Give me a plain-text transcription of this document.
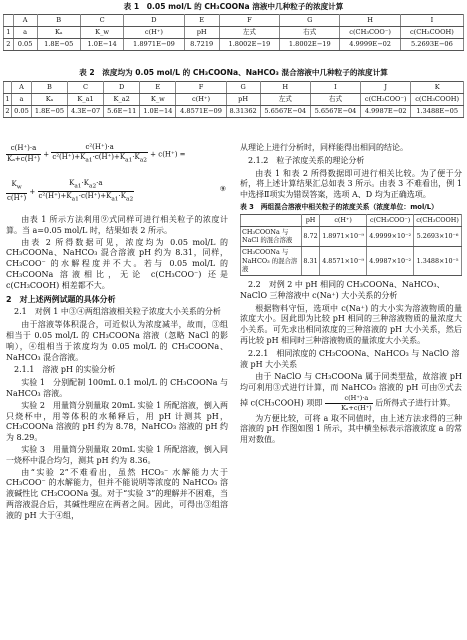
表 1　0.05 mol/L 的 CH₃COONa 溶液中几种粒子的浓度计算
	A	B	C	D	E	F	G	H	I
1	a	Kₐ	K_w	c(H⁺)	pH	左式	右式	c(CH₃COO⁻)	c(CH₃COOH)
2	0.05	1.8E−05	1.0E−14	1.8971E−09	8.7219	1.8002E−19	1.8002E−19	4.9999E−02	5.2693E−06
表 2　浓度均为 0.05 mol/L 的 CH₃COONa、NaHCO₃ 混合溶液中几种粒子的浓度计算
	A	B	C	D	E	F	G	H	I	J	K
1	a	Kₐ	K_a1	K_a2	K_w	c(H⁺)	pH	左式	右式	c(CH₃COO⁻)	c(CH₃COOH)
2	0.05	1.8E−05	4.3E−07	5.6E−11	1.0E−14	4.8571E−09	8.31362	5.6567E−04	5.6567E−04	4.9987E−02	1.3488E−05
$\frac{c(H^+)\cdot a}{\text{Kₐ+c(H⁺)}} + \frac{\text{c²(H⁺)·a}}{c^2(H^+)+K_{a1}\cdot c(H^+)+K_{a1}\cdot K_{a2}} + c(H^+)$ =
$\frac{K_w}{c(H^+)} + \frac{K_{a1}\cdot K_{a2}\cdot a}{c^2(H^+)+K_{a1}\cdot c(H^+)+K_{a1}\cdot K_{a2}}$	⑨

由表 1 所示方法利用⑨式同样可进行相关粒子的浓度计算。当 a=0.05 mol/L 时，结果如表 2 所示。

由表 2 所得数据可见，浓度均为 0.05 mol/L 的 CH₃COONa、NaHCO₃ 混合溶液 pH 约为 8.31，同样，CH₃COO⁻ 的水解程度并不大。若与 0.05 mol/L 的 CH₃COONa 溶液相比，无论 c(CH₃COO⁻) 还是 c(CH₃COOH) 相差都不大。

2　对上述两例试题的具体分析
2.1　对例 1 中③④两组溶液相关粒子浓度大小关系的分析

由于溶液等体积混合，可近似认为浓度减半，故而，③组相当于 0.05 mol/L 的 CH₃COONa 溶液（忽略 NaCl 的影响），④组相当于浓度均为 0.05 mol/L 的 CH₃COONa、NaHCO₃ 混合溶液。

2.1.1　溶液 pH 的实验分析

实验 1　分别配制 100mL 0.1 mol/L 的 CH₃COONa 与 NaHCO₃ 溶液。

实验 2　用量筒分别量取 20mL 实验 1 所配溶液，倒入两只烧杯中，用等体积的水稀释后，用 pH 计测其 pH，CH₃COONa 溶液的 pH 约为 8.78，NaHCO₃ 溶液的 pH 约为 8.29。

实验 3　用量筒分别量取 20mL 实验 1 所配溶液，倒入同一烧杯中混合均匀，测其 pH 约为 8.36。

由“实验 2”不难看出，虽然 HCO₃⁻ 水解能力大于 CH₃COO⁻ 的水解能力，但并不能说明等浓度的 NaHCO₃ 溶液碱性比 CH₃COONa 强。对于“实验 3”的理解并不困难，当两溶液混合后，其碱性理应在两者之间。因此，可得出③组溶液的 pH 大于④组，

从理论上进行分析时，同样能得出相同的结论。

2.1.2　粒子浓度关系的理论分析

由表 1 和表 2 所得数据即可进行相关比较。为了便于分析，将上述计算结果汇总如表 3 所示。由表 3 不难看出，例 1 中选择Ⅱ项实为错误答案，选项 A、D 均为正确选项。

表 3　两组混合溶液中相关粒子的浓度关系（浓度单位：mol/L）
	pH	c(H⁺)	c(CH₃COO⁻)	c(CH₃COOH)
CH₃COONa 与 NaCl 的混合溶液	8.72	1.8971×10⁻⁹	4.9999×10⁻²	5.2693×10⁻⁶
CH₃COONa 与 NaHCO₃ 的混合溶液	8.31	4.8571×10⁻⁹	4.9987×10⁻²	1.3488×10⁻⁵
2.2　对例 2 中 pH 相同的 CH₃COONa、NaHCO₃、NaClO 三种溶液中 c(Na⁺) 大小关系的分析

根据物料守恒，选项中 c(Na⁺) 的大小实为溶液物质的量浓度大小。因此即为比较 pH 相同的三种溶液物质的量浓度大小关系。可先求出相同浓度的三种溶液的 pH 大小关系，然后再比较 pH 相同时三种溶液物质的量浓度大小关系。

2.2.1　相同浓度的 CH₃COONa、NaHCO₃ 与 NaClO 溶液 pH 大小关系

由于 NaClO 与 CH₃COONa 属于同类型盐，故溶液 pH 均可利用③式进行计算，而 NaHCO₃ 溶液的 pH 可由⑨式去掉 c(CH₃COOH) 项即 $\frac{c(H^+)\cdot a}{\text{Kₐ+c(H⁺)}}$ 后所得式子进行计算。

为方便比较，可将 a 取不同值时，由上述方法求得的三种溶液的 pH 作图如图 1 所示，其中横坐标表示溶液浓度 a 的常用对数值。
